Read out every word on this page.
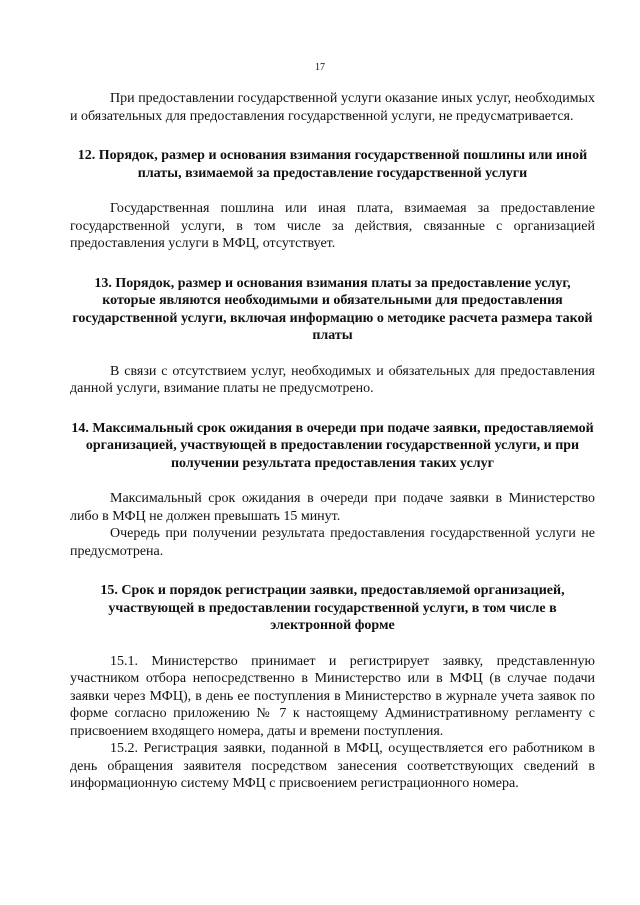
17

При предоставлении государственной услуги оказание иных услуг, необходимых и обязательных для предоставления государственной услуги, не предусматривается.

12. Порядок, размер и основания взимания государственной пошлины или иной платы, взимаемой за предоставление государственной услуги

Государственная пошлина или иная плата, взимаемая за предоставление государственной услуги, в том числе за действия, связанные с организацией предоставления услуги в МФЦ, отсутствует.

13. Порядок, размер и основания взимания платы за предоставление услуг, которые являются необходимыми и обязательными для предоставления государственной услуги, включая информацию о методике расчета размера такой платы

В связи с отсутствием услуг, необходимых и обязательных для предоставления данной услуги, взимание платы не предусмотрено.

14. Максимальный срок ожидания в очереди при подаче заявки, предоставляемой организацией, участвующей в предоставлении государственной услуги, и при получении результата предоставления таких услуг

Максимальный срок ожидания в очереди при подаче заявки в Министерство либо в МФЦ не должен превышать 15 минут.

Очередь при получении результата предоставления государственной услуги не предусмотрена.

15. Срок и порядок регистрации заявки, предоставляемой организацией, участвующей в предоставлении государственной услуги, в том числе в электронной форме

15.1. Министерство принимает и регистрирует заявку, представленную участником отбора непосредственно в Министерство или в МФЦ (в случае подачи заявки через МФЦ), в день ее поступления в Министерство в журнале учета заявок по форме согласно приложению № 7 к настоящему Административному регламенту с присвоением входящего номера, даты и времени поступления.

15.2. Регистрация заявки, поданной в МФЦ, осуществляется его работником в день обращения заявителя посредством занесения соответствующих сведений в информационную систему МФЦ с присвоением регистрационного номера.
